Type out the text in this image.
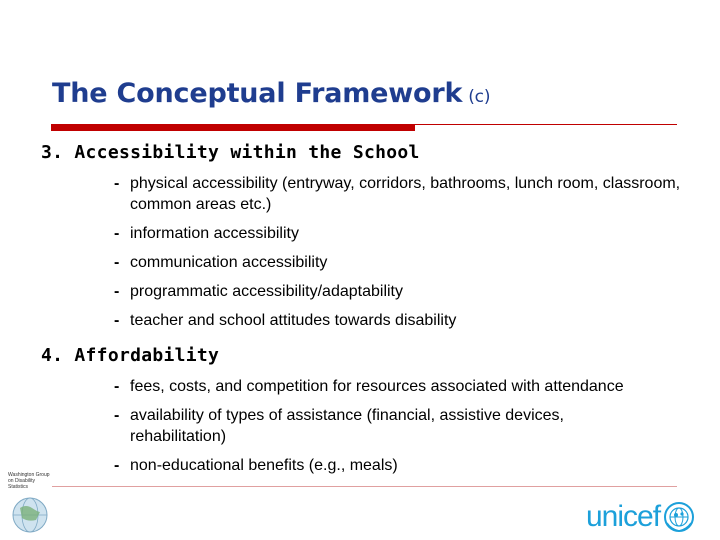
The Conceptual Framework (c)
3. Accessibility within the School
- physical accessibility (entryway, corridors, bathrooms, lunch room, classroom, common areas etc.)
- information accessibility
- communication accessibility
- programmatic accessibility/adaptability
- teacher and school attitudes towards disability
4. Affordability
- fees, costs, and competition for resources associated with attendance
- availability of types of assistance (financial, assistive devices, rehabilitation)
- non-educational benefits (e.g., meals)
Washington Group on Disability Statistics
unicef
